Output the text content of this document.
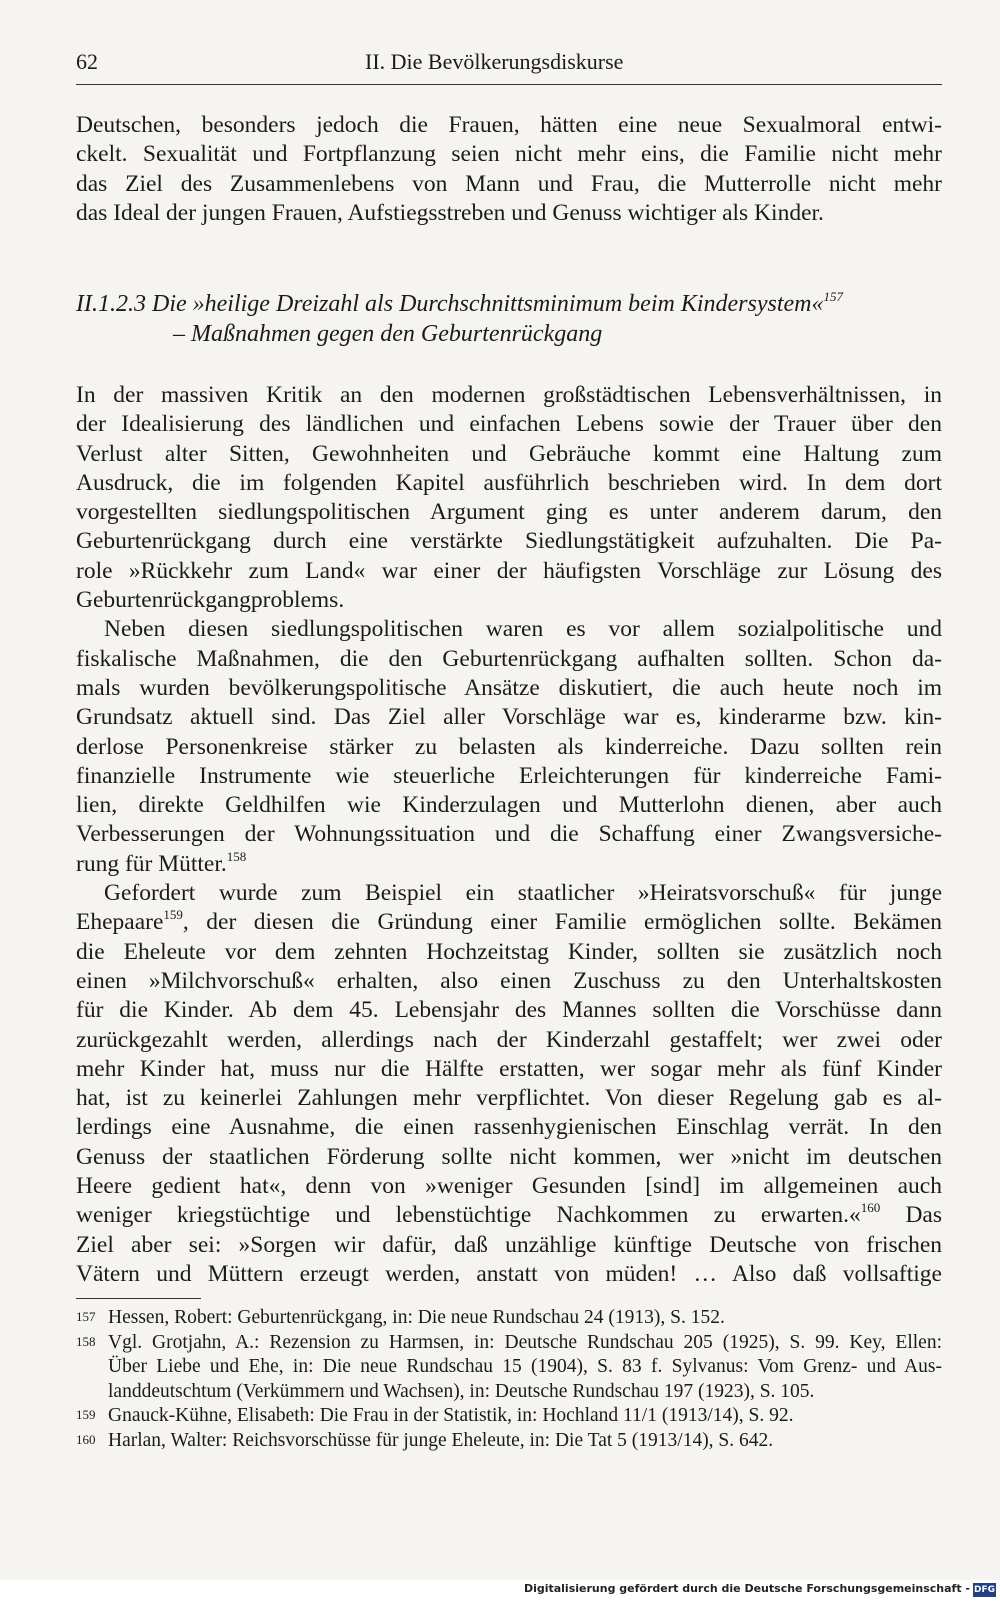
62	II. Die Bevölkerungsdiskurse
Deutschen, besonders jedoch die Frauen, hätten eine neue Sexualmoral entwi-
ckelt. Sexualität und Fortpflanzung seien nicht mehr eins, die Familie nicht mehr
das Ziel des Zusammenlebens von Mann und Frau, die Mutterrolle nicht mehr
das Ideal der jungen Frauen, Aufstiegsstreben und Genuss wichtiger als Kinder.
II.1.2.3 Die »heilige Dreizahl als Durchschnittsminimum beim Kindersystem«$^{157}$
– Maßnahmen gegen den Geburtenrückgang
In der massiven Kritik an den modernen großstädtischen Lebensverhältnissen, in
der Idealisierung des ländlichen und einfachen Lebens sowie der Trauer über den
Verlust alter Sitten, Gewohnheiten und Gebräuche kommt eine Haltung zum
Ausdruck, die im folgenden Kapitel ausführlich beschrieben wird. In dem dort
vorgestellten siedlungspolitischen Argument ging es unter anderem darum, den
Geburtenrückgang durch eine verstärkte Siedlungstätigkeit aufzuhalten. Die Pa-
role »Rückkehr zum Land« war einer der häufigsten Vorschläge zur Lösung des
Geburtenrückgangproblems.
Neben diesen siedlungspolitischen waren es vor allem sozialpolitische und
fiskalische Maßnahmen, die den Geburtenrückgang aufhalten sollten. Schon da-
mals wurden bevölkerungspolitische Ansätze diskutiert, die auch heute noch im
Grundsatz aktuell sind. Das Ziel aller Vorschläge war es, kinderarme bzw. kin-
derlose Personenkreise stärker zu belasten als kinderreiche. Dazu sollten rein
finanzielle Instrumente wie steuerliche Erleichterungen für kinderreiche Fami-
lien, direkte Geldhilfen wie Kinderzulagen und Mutterlohn dienen, aber auch
Verbesserungen der Wohnungssituation und die Schaffung einer Zwangsversiche-
rung für Mütter.$^{158}$
Gefordert wurde zum Beispiel ein staatlicher »Heiratsvorschuß« für junge
Ehepaare$^{159}$, der diesen die Gründung einer Familie ermöglichen sollte. Bekämen
die Eheleute vor dem zehnten Hochzeitstag Kinder, sollten sie zusätzlich noch
einen »Milchvorschuß« erhalten, also einen Zuschuss zu den Unterhaltskosten
für die Kinder. Ab dem 45. Lebensjahr des Mannes sollten die Vorschüsse dann
zurückgezahlt werden, allerdings nach der Kinderzahl gestaffelt; wer zwei oder
mehr Kinder hat, muss nur die Hälfte erstatten, wer sogar mehr als fünf Kinder
hat, ist zu keinerlei Zahlungen mehr verpflichtet. Von dieser Regelung gab es al-
lerdings eine Ausnahme, die einen rassenhygienischen Einschlag verrät. In den
Genuss der staatlichen Förderung sollte nicht kommen, wer »nicht im deutschen
Heere gedient hat«, denn von »weniger Gesunden [sind] im allgemeinen auch
weniger kriegstüchtige und lebenstüchtige Nachkommen zu erwarten.«$^{160}$ Das
Ziel aber sei: »Sorgen wir dafür, daß unzählige künftige Deutsche von frischen
Vätern und Müttern erzeugt werden, anstatt von müden! … Also daß vollsaftige
157 Hessen, Robert: Geburtenrückgang, in: Die neue Rundschau 24 (1913), S. 152.
158 Vgl. Grotjahn, A.: Rezension zu Harmsen, in: Deutsche Rundschau 205 (1925), S. 99. Key, Ellen:
Über Liebe und Ehe, in: Die neue Rundschau 15 (1904), S. 83 f. Sylvanus: Vom Grenz- und Aus-
landdeutschtum (Verkümmern und Wachsen), in: Deutsche Rundschau 197 (1923), S. 105.
159 Gnauck-Kühne, Elisabeth: Die Frau in der Statistik, in: Hochland 11/1 (1913/14), S. 92.
160 Harlan, Walter: Reichsvorschüsse für junge Eheleute, in: Die Tat 5 (1913/14), S. 642.
Digitalisierung gefördert durch die Deutsche Forschungsgemeinschaft - DFG
